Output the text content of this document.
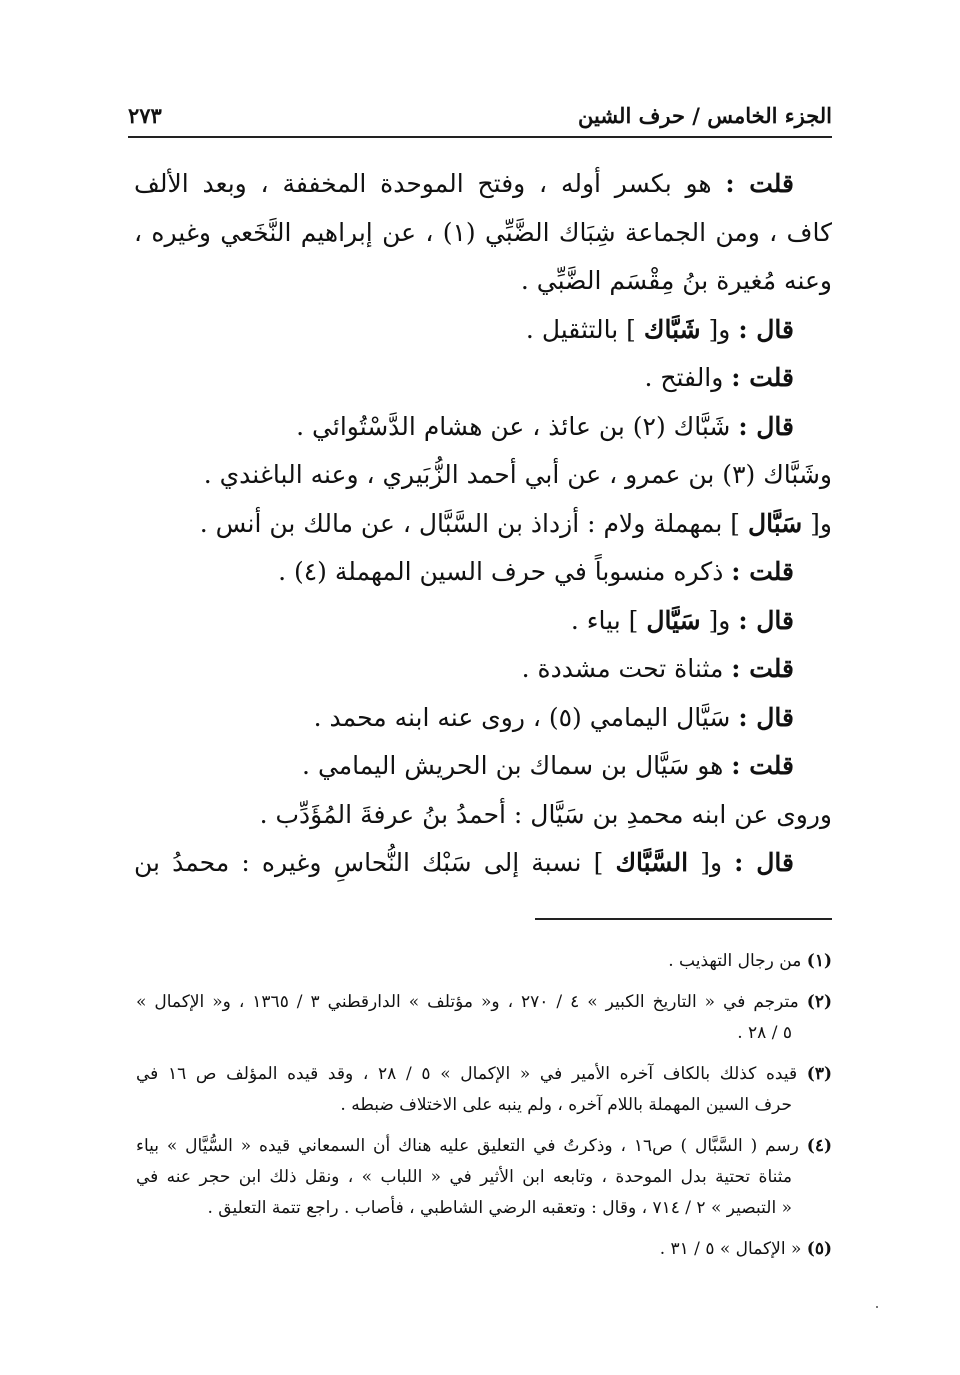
الجزء الخامس / حرف الشين
٢٧٣
قلت : هو بكسر أوله ، وفتح الموحدة المخففة ، وبعد الألف
كاف ، ومن الجماعة شِبَاك الضَّبِّي (١) ، عن إبراهيم النَّخَعي وغيره ،
وعنه مُغيرة بنُ مِقْسَم الضَّبِّي .
قال : و[ شَبَّاك ] بالتثقيل .
قلت : والفتح .
قال : شَبَّاك (٢) بن عائذ ، عن هشام الدَّسْتُوائي .
وشَبَّاك (٣) بن عمرو ، عن أبي أحمد الزُّبَيري ، وعنه الباغندي .
و[ سَبَّال ] بمهملة ولام : أزداذ بن السَّبَّال ، عن مالك بن أنس .
قلت : ذكره منسوباً في حرف السين المهملة (٤) .
قال : و[ سَيَّال ] بياء .
قلت : مثناة تحت مشددة .
قال : سَيَّال اليمامي (٥) ، روى عنه ابنه محمد .
قلت : هو سَيَّال بن سماك بن الحريش اليمامي .
وروى عن ابنه محمدِ بن سَيَّال : أحمدُ بنُ عرفةَ المُؤَدِّب .
قال : و[ السَّبَّاك ] نسبة إلى سَبْك النُّحاسِ وغيره : محمدُ بن
(١) من رجال التهذيب .
(٢) مترجم في « التاريخ الكبير » ٤ / ٢٧٠ ، و« مؤتلف » الدارقطني ٣ / ١٣٦٥ ، و« الإكمال »
٥ / ٢٨ .
(٣) قيده كذلك بالكاف آخره الأمير في « الإكمال » ٥ / ٢٨ ، وقد قيده المؤلف ص ١٦ في
حرف السين المهملة باللام آخره ، ولم ينبه على الاختلاف ضبطه .
(٤) رسم ( السَّبَّال ) ص١٦ ، وذكرتُ في التعليق عليه هناك أن السمعاني قيده « السُّيَّال » بياء
مثناة تحتية بدل الموحدة ، وتابعه ابن الأثير في « اللباب » ، ونقل ذلك ابن حجر عنه في
« التبصير » ٢ / ٧١٤ ، وقال : وتعقبه الرضي الشاطبي ، فأصاب . راجع تتمة التعليق .
(٥) « الإكمال » ٥ / ٣١ .
